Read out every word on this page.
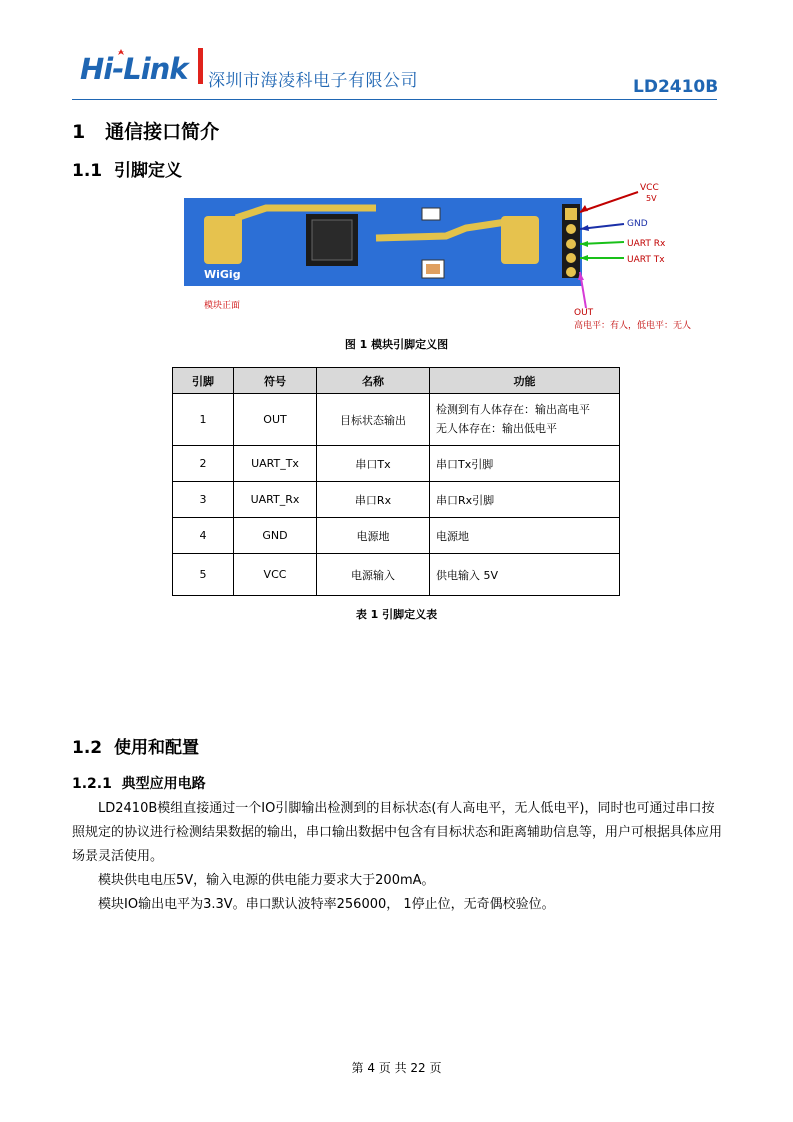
Hi-Link 深圳市海凌科电子有限公司	LD2410B
1 通信接口简介
1.1 引脚定义
WiGig
模块正面
VCC
5V
GND
UART Rx
UART Tx
OUT
高电平：有人，低电平：无人
图 1 模块引脚定义图
引脚	符号	名称	功能
1	OUT	目标状态输出	检测到有人体存在：输出高电平
无人体存在：输出低电平
2	UART_Tx	串口Tx	串口Tx引脚
3	UART_Rx	串口Rx	串口Rx引脚
4	GND	电源地	电源地
5	VCC	电源输入	供电输入 5V
表 1 引脚定义表
1.2 使用和配置
1.2.1 典型应用电路
LD2410B模组直接通过一个IO引脚输出检测到的目标状态(有人高电平，无人低电平)，同时也可通过串口按照规定的协议进行检测结果数据的输出，串口输出数据中包含有目标状态和距离辅助信息等，用户可根据具体应用场景灵活使用。
模块供电电压5V，输入电源的供电能力要求大于200mA。
模块IO输出电平为3.3V。串口默认波特率256000， 1停止位，无奇偶校验位。
第 4 页 共 22 页
